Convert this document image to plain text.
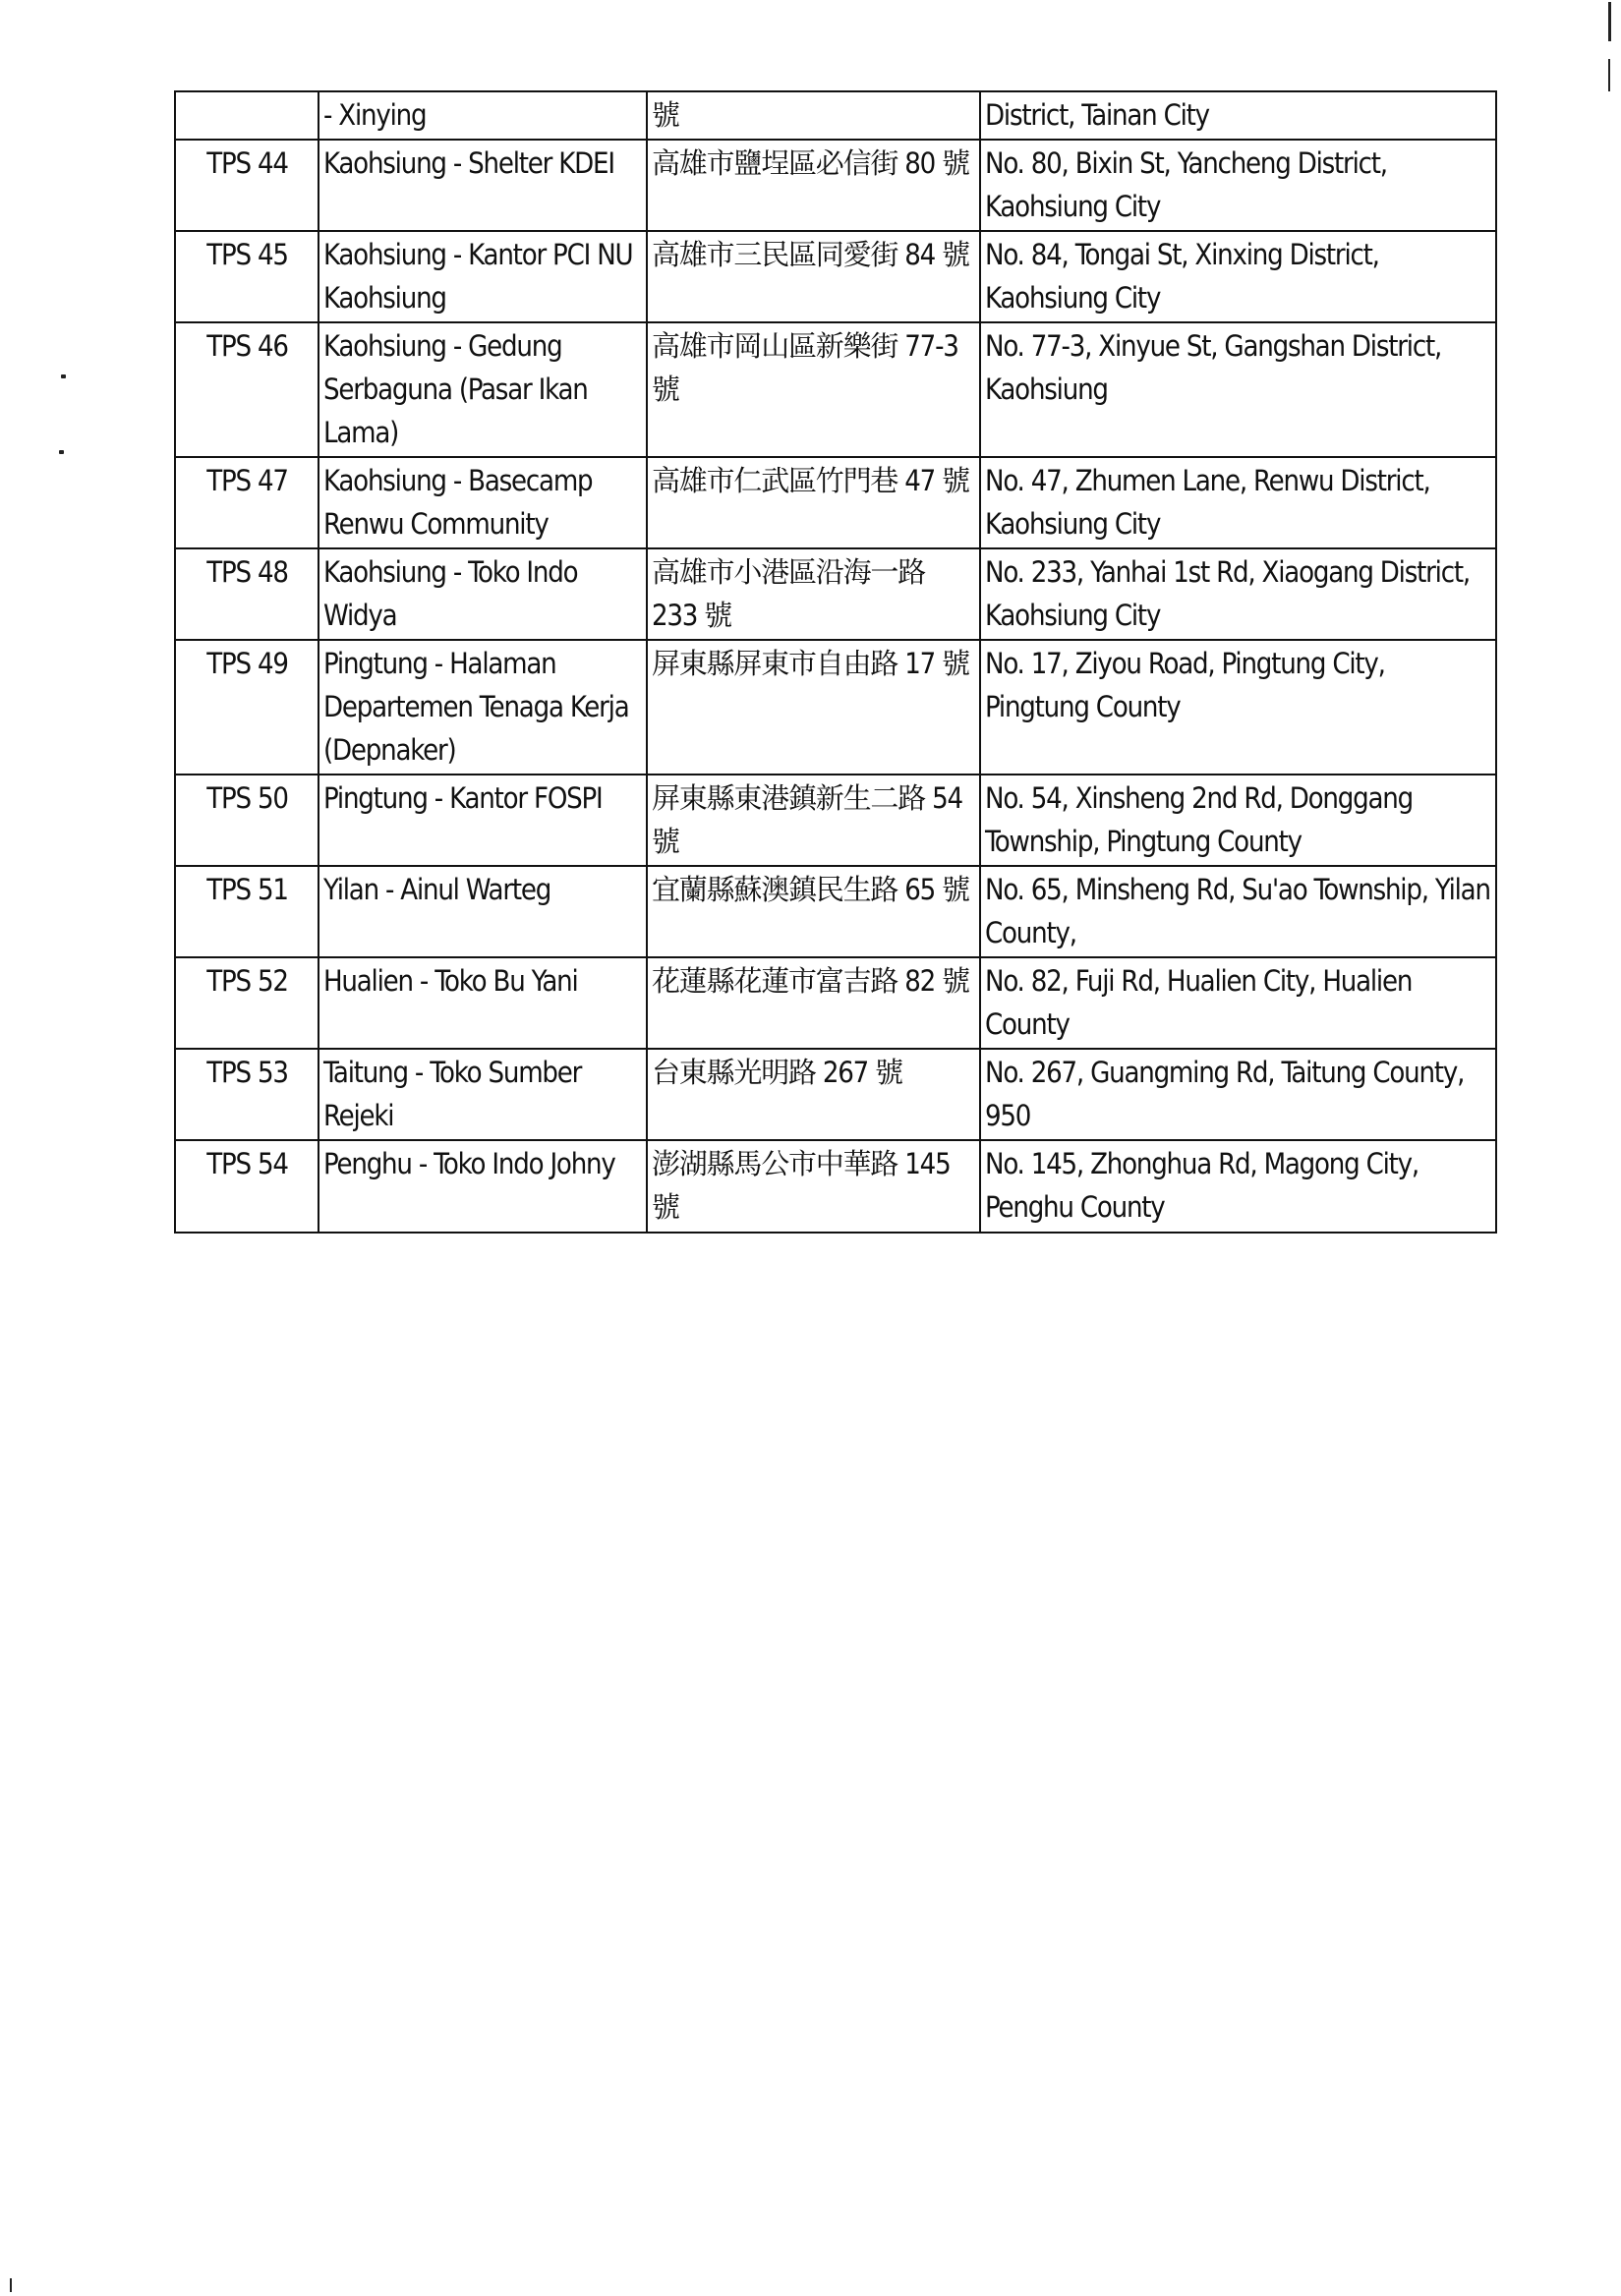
	- Xinying	號	District, Tainan City
TPS 44	Kaohsiung - Shelter KDEI	高雄市鹽埕區必信街 80 號	No. 80, Bixin St, Yancheng District, Kaohsiung City
TPS 45	Kaohsiung - Kantor PCI NU Kaohsiung	高雄市三民區同愛街 84 號	No. 84, Tongai St, Xinxing District, Kaohsiung City
TPS 46	Kaohsiung - Gedung Serbaguna (Pasar Ikan Lama)	高雄市岡山區新樂街 77-3 號	No. 77-3, Xinyue St, Gangshan District, Kaohsiung
TPS 47	Kaohsiung - Basecamp Renwu Community	高雄市仁武區竹門巷 47 號	No. 47, Zhumen Lane, Renwu District, Kaohsiung City
TPS 48	Kaohsiung - Toko Indo Widya	高雄市小港區沿海一路 233 號	No. 233, Yanhai 1st Rd, Xiaogang District, Kaohsiung City
TPS 49	Pingtung - Halaman Departemen Tenaga Kerja (Depnaker)	屏東縣屏東市自由路 17 號	No. 17, Ziyou Road, Pingtung City, Pingtung County
TPS 50	Pingtung - Kantor FOSPI	屏東縣東港鎮新生二路 54 號	No. 54, Xinsheng 2nd Rd, Donggang Township, Pingtung County
TPS 51	Yilan - Ainul Warteg	宜蘭縣蘇澳鎮民生路 65 號	No. 65, Minsheng Rd, Su'ao Township, Yilan County,
TPS 52	Hualien - Toko Bu Yani	花蓮縣花蓮市富吉路 82 號	No. 82, Fuji Rd, Hualien City, Hualien County
TPS 53	Taitung - Toko Sumber Rejeki	台東縣光明路 267 號	No. 267, Guangming Rd, Taitung County, 950
TPS 54	Penghu - Toko Indo Johny	澎湖縣馬公市中華路 145 號	No. 145, Zhonghua Rd, Magong City, Penghu County
